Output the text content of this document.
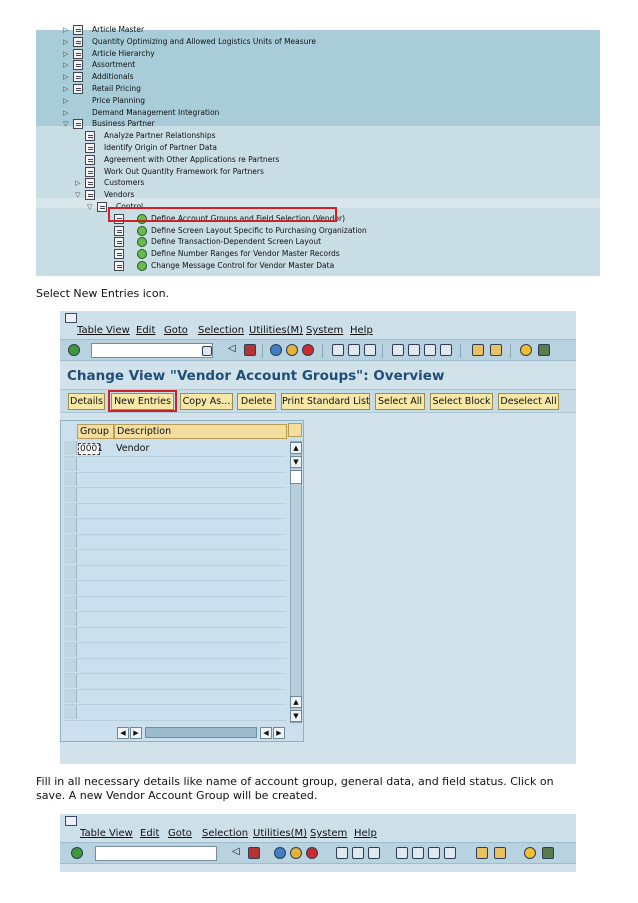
▷	Article Master
▷	Quantity Optimizing and Allowed Logistics Units of Measure
▷	Article Hierarchy
▷	Assortment
▷	Additionals
▷	Retail Pricing
▷	Price Planning
▷	Demand Management Integration
▽	Business Partner
Analyze Partner Relationships
Identify Origin of Partner Data
Agreement with Other Applications re Partners
Work Out Quantity Framework for Partners
▷	Customers
▽	Vendors
▽	Control
Define Account Groups and Field Selection (Vendor)
Define Screen Layout Specific to Purchasing Organization
Define Transaction-Dependent Screen Layout
Define Number Ranges for Vendor Master Records
Change Message Control for Vendor Master Data
Select New Entries icon.
Table View Edit Goto Selection Utilities(M) System Help
◁
Change View "Vendor Account Groups": Overview
Details	New Entries	Copy As...	Delete	Print Standard List Select All	Select Block Deselect All
Group Description
0001 Vendor	▲
▼
▲
▼
◀	▶	◀	▶
Fill in all necessary details like name of account group, general data, and field status. Click on save. A new Vendor Account Group will be created.
Table View Edit Goto Selection Utilities(M) System Help
◁
